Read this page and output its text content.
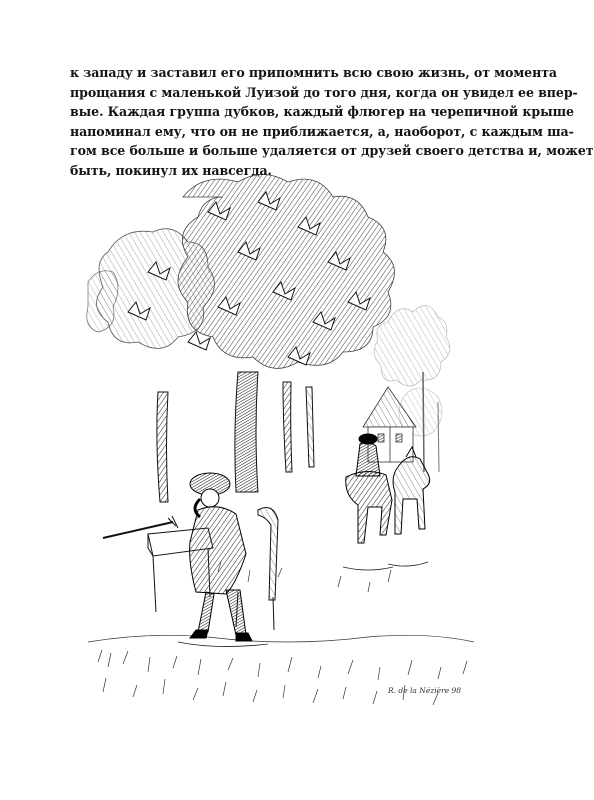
к западу и заставил его припомнить всю свою жизнь, от момента
прощания с маленькой Луизой до того дня, когда он увидел ее впер-
вые. Каждая группа дубков, каждый флюгер на черепичной крыше
напоминал ему, что он не приближается, а, наоборот, с каждым ша-
гом все больше и больше удаляется от друзей своего детства и, может
быть, покинул их навсегда.
R. de la Nézière 98
